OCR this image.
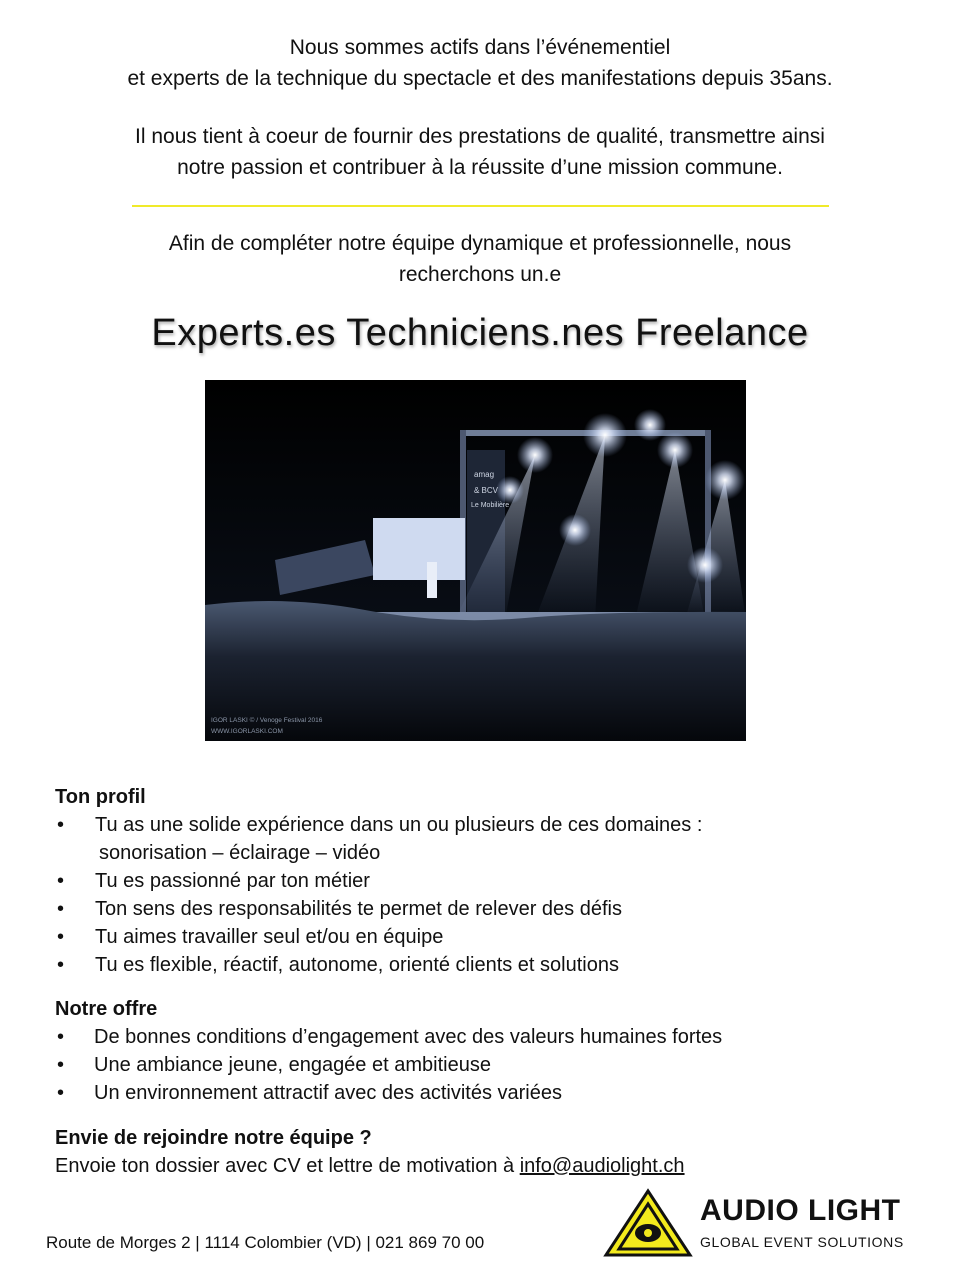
Nous sommes actifs dans l’événementiel

et experts de la technique du spectacle et des manifestations depuis 35ans.

Il nous tient à coeur de fournir des prestations de qualité, transmettre ainsi

notre passion et contribuer à la réussite d’une mission commune.

Afin de compléter notre équipe dynamique et professionnelle, nous

recherchons un.e

Experts.es Techniciens.nes Freelance
amag
& BCV
Le Mobilière
IGOR LASKI © / Venoge Festival 2016
WWW.IGORLASKI.COM
Ton profil
• Tu as une solide expérience dans un ou plusieurs de ces domaines :
sonorisation – éclairage – vidéo
• Tu es passionné par ton métier
• Ton sens des responsabilités te permet de relever des défis
• Tu aimes travailler seul et/ou en équipe
• Tu es flexible, réactif, autonome, orienté clients et solutions
Notre offre
• De bonnes conditions d’engagement avec des valeurs humaines fortes
• Une ambiance jeune, engagée et ambitieuse
• Un environnement attractif avec des activités variées
Envie de rejoindre notre équipe ?
Envoie ton dossier avec CV et lettre de motivation à info@audiolight.ch
Route de Morges 2 | 1114 Colombier (VD) | 021 869 70 00
AUDIO LIGHT
GLOBAL EVENT SOLUTIONS
